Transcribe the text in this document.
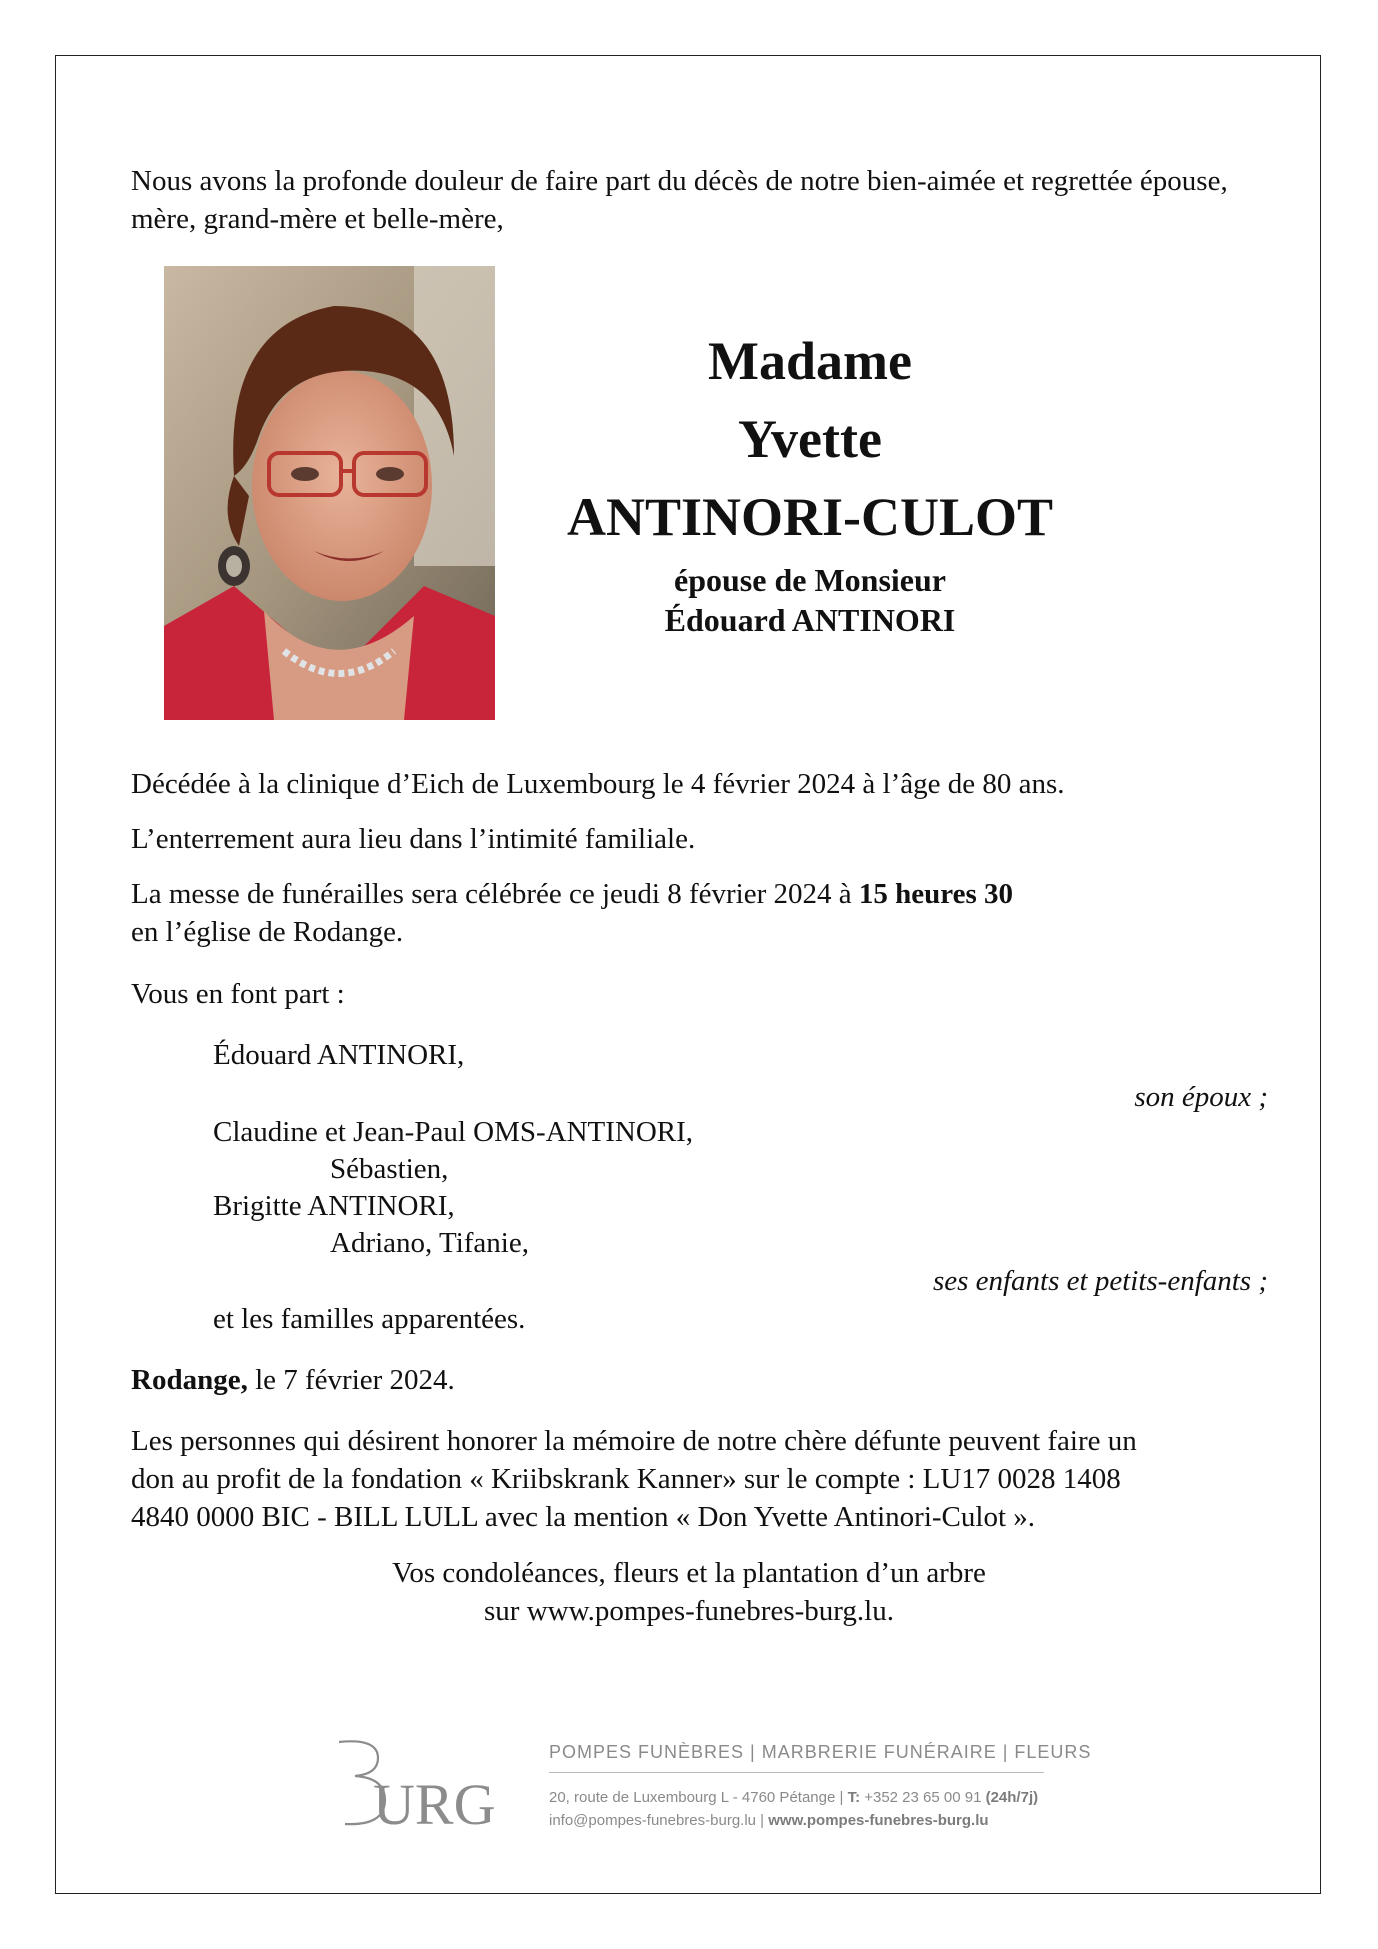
Nous avons la profonde douleur de faire part du décès de notre bien-aimée et regrettée épouse, mère, grand-mère et belle-mère,

Madame
Yvette
ANTINORI-CULOT
épouse de Monsieur
Édouard ANTINORI

Décédée à la clinique d’Eich de Luxembourg le 4 février 2024 à l’âge de 80 ans.

L’enterrement aura lieu dans l’intimité familiale.

La messe de funérailles sera célébrée ce jeudi 8 février 2024 à 15 heures 30
en l’église de Rodange.

Vous en font part :

Édouard ANTINORI,
son époux ;
Claudine et Jean-Paul OMS-ANTINORI,
Sébastien,
Brigitte ANTINORI,
Adriano, Tifanie,
ses enfants et petits-enfants ;
et les familles apparentées.

Rodange, le 7 février 2024.

Les personnes qui désirent honorer la mémoire de notre chère défunte peuvent faire un
don au profit de la fondation « Kriibskrank Kanner» sur le compte : LU17 0028 1408
4840 0000 BIC - BILL LULL avec la mention « Don Yvette Antinori-Culot ».

Vos condoléances, fleurs et la plantation d’un arbre
sur www.pompes-funebres-burg.lu.
URG
POMPES FUNÈBRES | MARBRERIE FUNÉRAIRE | FLEURS
20, route de Luxembourg L - 4760 Pétange | T: +352 23 65 00 91 (24h/7j)
info@pompes-funebres-burg.lu | www.pompes-funebres-burg.lu
